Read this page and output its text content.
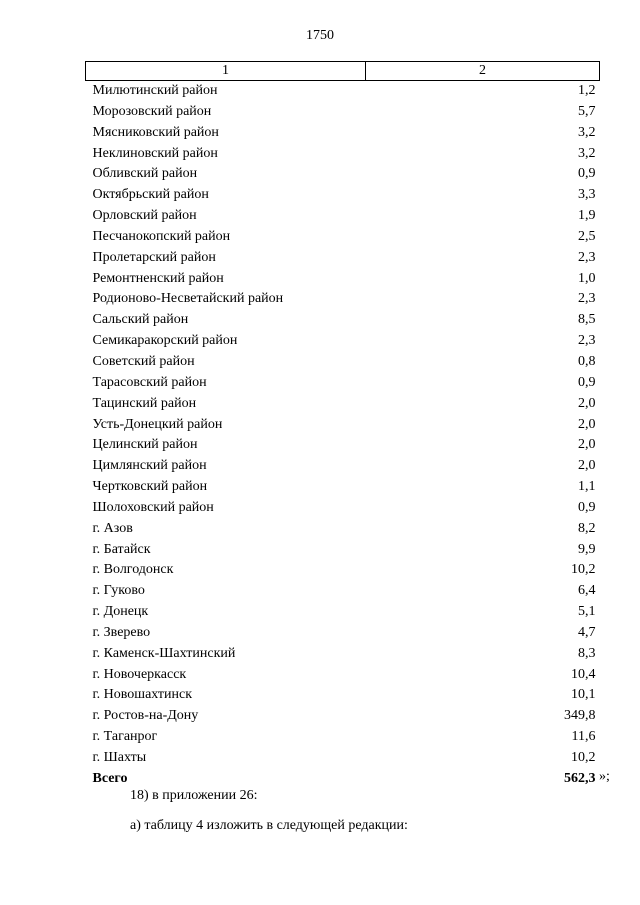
1750
1	2
Милютинский район	1,2
Морозовский район	5,7
Мясниковский район	3,2
Неклиновский район	3,2
Обливский район	0,9
Октябрьский район	3,3
Орловский район	1,9
Песчанокопский район	2,5
Пролетарский район	2,3
Ремонтненский район	1,0
Родионово-Несветайский район	2,3
Сальский район	8,5
Семикаракорский район	2,3
Советский район	0,8
Тарасовский район	0,9
Тацинский район	2,0
Усть-Донецкий район	2,0
Целинский район	2,0
Цимлянский район	2,0
Чертковский район	1,1
Шолоховский район	0,9
г. Азов	8,2
г. Батайск	9,9
г. Волгодонск	10,2
г. Гуково	6,4
г. Донецк	5,1
г. Зверево	4,7
г. Каменск-Шахтинский	8,3
г. Новочеркасск	10,4
г. Новошахтинск	10,1
г. Ростов-на-Дону	349,8
г. Таганрог	11,6
г. Шахты	10,2
Всего	562,3 »;
18) в приложении 26:
а) таблицу 4 изложить в следующей редакции:
